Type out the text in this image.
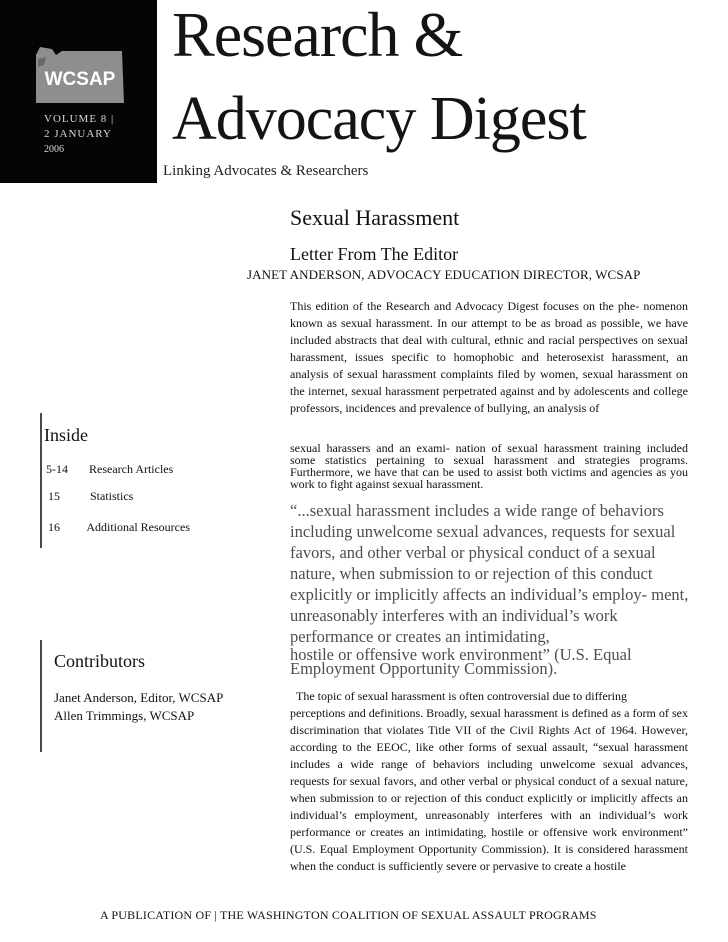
WCSAP
VOLUME 8 |
2 JANUARY
2006
Research &
Advocacy Digest
Linking Advocates & Researchers
Sexual Harassment
Letter From The Editor
JANET ANDERSON, ADVOCACY EDUCATION DIRECTOR, WCSAP
This edition of the Research and Advocacy Digest focuses on the phe- nomenon known as sexual harassment. In our attempt to be as broad as possible, we have included abstracts that deal with cultural, ethnic and racial perspectives on sexual harassment, issues specific to homophobic and heterosexist harassment, an analysis of sexual harassment complaints filed by women, sexual harassment on the internet, sexual harassment perpetrated against and by adolescents and college professors, incidences and prevalence of bullying, an analysis of
sexual harassers and an exami- nation of sexual harassment training included some statistics pertaining to sexual harassment and strategies programs. Furthermore, we have that can be used to assist both victims and agencies as you work to fight against sexual harassment.
“...sexual harassment includes a wide range of behaviors including unwelcome sexual advances, requests for sexual favors, and other verbal or physical conduct of a sexual nature, when submission to or rejection of this conduct explicitly or implicitly affects an individual’s employ- ment, unreasonably interferes with an individual’s work performance or creates an intimidating,
hostile or offensive work environment” (U.S. Equal Employment Opportunity Commission).
The topic of sexual harassment is often controversial due to differing
perceptions and definitions. Broadly, sexual harassment is defined as a form of sex discrimination that violates Title VII of the Civil Rights Act of 1964. However, according to the EEOC, like other forms of sexual assault, “sexual harassment includes a wide range of behaviors including unwelcome sexual advances, requests for sexual favors, and other verbal or physical conduct of a sexual nature, when submission to or rejection of this conduct explicitly or implicitly affects an individual’s employment, unreasonably interferes with an individual’s work performance or creates an intimidating, hostile or offensive work environment” (U.S. Equal Employment Opportunity Commission). It is considered harassment when the conduct is sufficiently severe or pervasive to create a hostile
Inside
5-14 Research Articles
15	Statistics
16 Additional Resources
Contributors
Janet Anderson, Editor, WCSAP
Allen Trimmings, WCSAP
A PUBLICATION OF | THE WASHINGTON COALITION OF SEXUAL ASSAULT PROGRAMS
